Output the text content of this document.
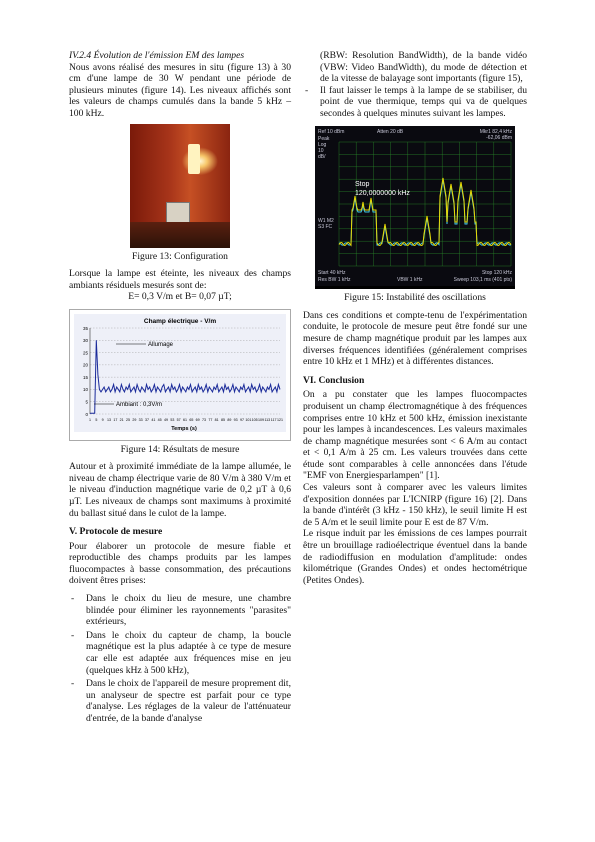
IV.2.4 Évolution de l'émission EM des lampes

Nous avons réalisé des mesures in situ (figure 13) à 30 cm d'une lampe de 30 W pendant une période de plusieurs minutes (figure 14). Les niveaux affichés sont les valeurs de champs cumulés dans la bande 5 kHz – 100 kHz.

Figure 13: Configuration

Lorsque la lampe est éteinte, les niveaux des champs ambiants résiduels mesurés sont de:

E= 0,3 V/m et B= 0,07 µT;

Champ électrique - V/m
0
5
10
15
20
25
30
35
1 5 9 13 17 21 25 29 33 37 41 45 49 53 57 61 65 69 73 77 81 85 89 93 97 101 105 109 113 117 121
Allumage
Ambiant : 0,3V/m
Temps (s)

Figure 14: Résultats de mesure

Autour et à proximité immédiate de la lampe allumée, le niveau de champ électrique varie de 80 V/m à 380 V/m et le niveau d'induction magnétique varie de 0,2 µT à 0,6 µT. Les niveaux de champs sont maximums à proximité du ballast situé dans le culot de la lampe.

V. Protocole de mesure

Pour élaborer un protocole de mesure fiable et reproductible des champs produits par les lampes fluocompactes à basse consommation, des précautions doivent êtres prises:

- Dans le choix du lieu de mesure, une chambre blindée pour éliminer les rayonnements "parasites" extérieurs,
- Dans le choix du capteur de champ, la boucle magnétique est la plus adaptée à ce type de mesure car elle est adaptée aux fréquences mise en jeu (quelques kHz à 500 kHz),
- Dans le choix de l'appareil de mesure proprement dit, un analyseur de spectre est parfait pour ce type d'analyse. Les réglages de la valeur de l'atténuateur d'entrée, de la bande d'analyse

(RBW: Resolution BandWidth), de la bande vidéo (VBW: Video BandWidth), du mode de détection et de la vitesse de balayage sont importants (figure 15),

- Il faut laisser le temps à la lampe de se stabiliser, du point de vue thermique, temps qui va de quelques secondes à quelques minutes suivant les lampes.
Ref 10 dBm	Atten 20 dB	Mkr1 82,4 kHz
-62,06 dBm
Peak
Log
10
dB/
W1 M2
S3 FC
Start 40 kHz
Res BW 1 kHz	VBW 1 kHz
Stop 120 kHz
Sweep 103,1 ms (401 pts)
Stop
120,0000000 kHz

Figure 15: Instabilité des oscillations

Dans ces conditions et compte-tenu de l'expérimentation conduite, le protocole de mesure peut être fondé sur une mesure de champ magnétique produit par les lampes aux diverses fréquences identifiées (généralement comprises entre 10 kHz et 1 MHz) et à différentes distances.

VI. Conclusion

On a pu constater que les lampes fluocompactes produisent un champ électromagnétique à des fréquences comprises entre 10 kHz et 500 kHz, émission inexistante pour les lampes à incandescences. Les valeurs maximales de champ magnétique mesurées sont < 6 A/m au contact et < 0,1 A/m à 25 cm. Les valeurs trouvées dans cette étude sont comparables à celle annoncées dans l'étude "EMF von Energiesparlampen" [1].

Ces valeurs sont à comparer avec les valeurs limites d'exposition données par L'ICNIRP (figure 16) [2]. Dans la bande d'intérêt (3 kHz - 150 kHz), le seuil limite H est de 5 A/m et le seuil limite pour E est de 87 V/m.

Le risque induit par les émissions de ces lampes pourrait être un brouillage radioélectrique éventuel dans la bande de radiodiffusion en modulation d'amplitude: ondes kilométrique (Grandes Ondes) et ondes hectométrique (Petites Ondes).
